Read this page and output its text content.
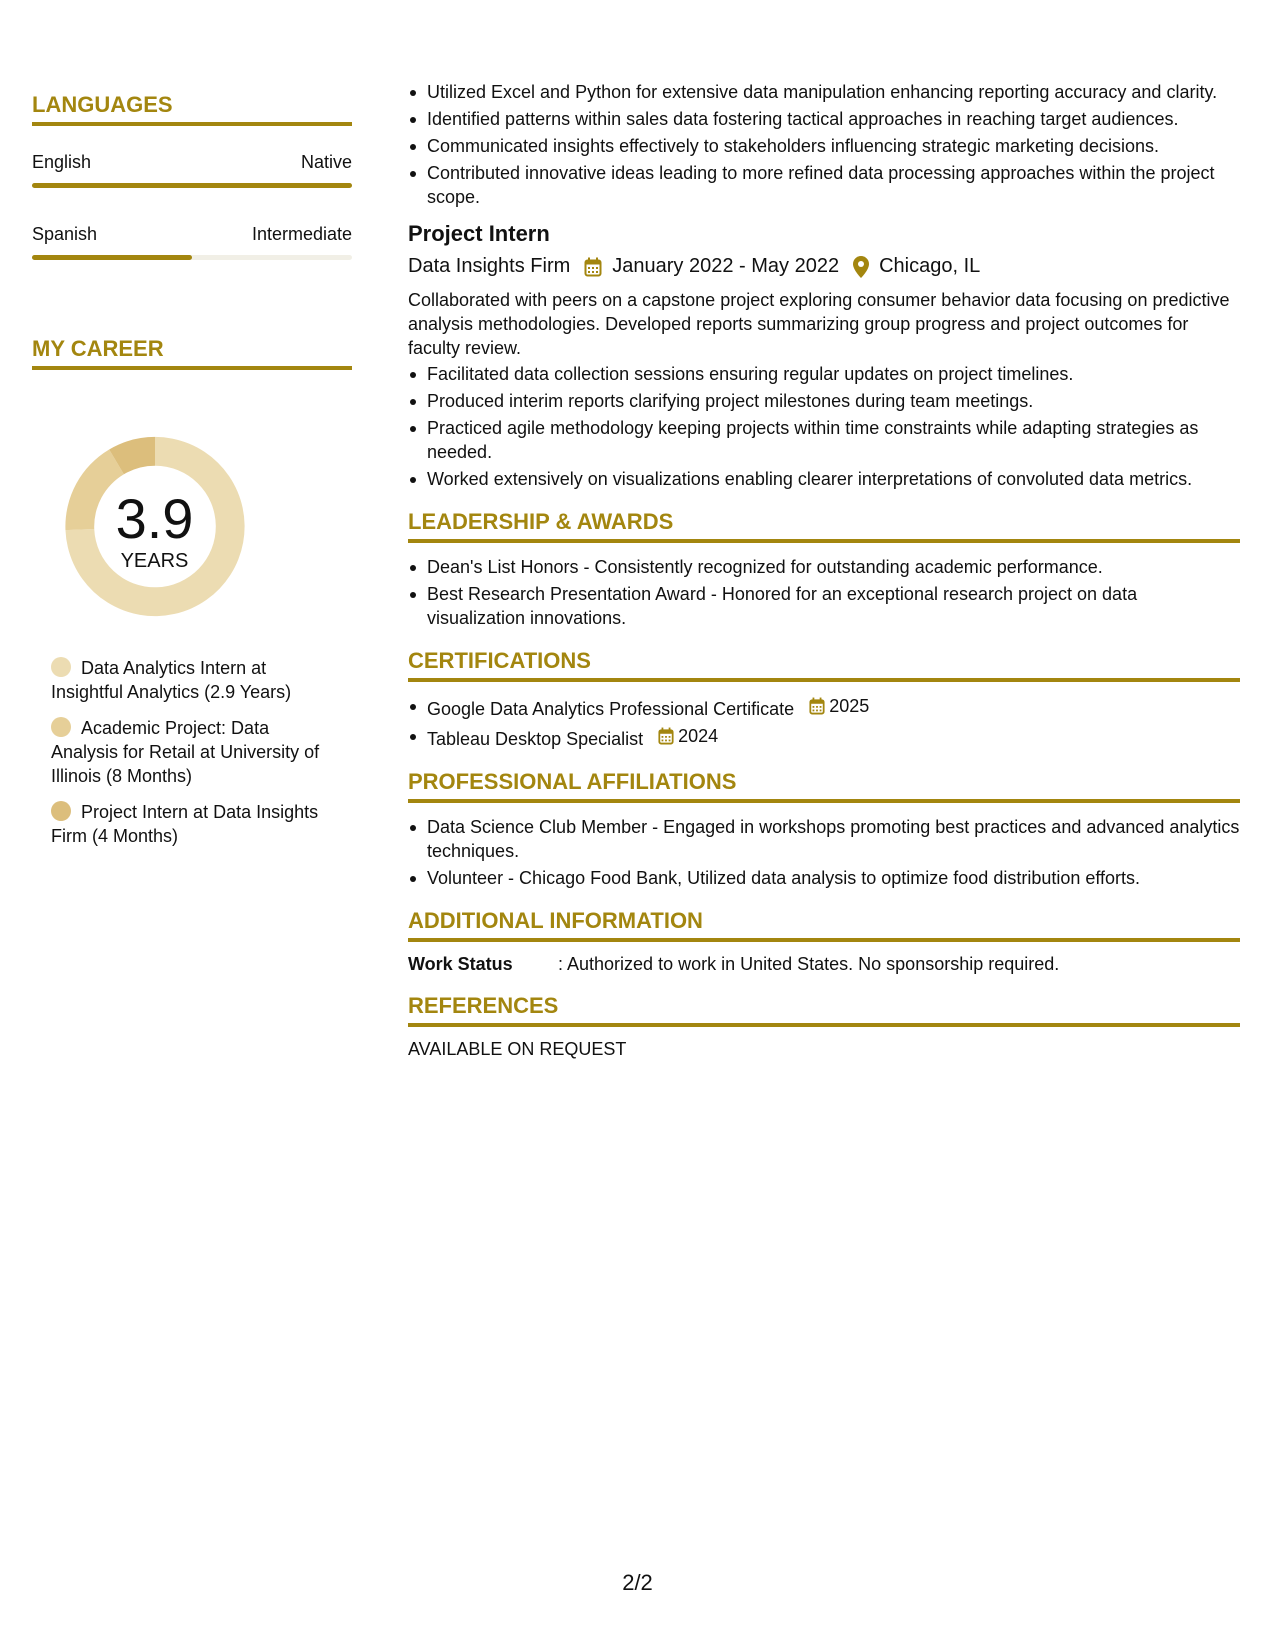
LANGUAGES
English	Native
Spanish	Intermediate
MY CAREER
3.9
YEARS
Data Analytics Intern at Insightful Analytics (2.9 Years)
Academic Project: Data Analysis for Retail at University of Illinois (8 Months)
Project Intern at Data Insights Firm (4 Months)
Utilized Excel and Python for extensive data manipulation enhancing reporting accuracy and clarity.
Identified patterns within sales data fostering tactical approaches in reaching target audiences.
Communicated insights effectively to stakeholders influencing strategic marketing decisions.
Contributed innovative ideas leading to more refined data processing approaches within the project scope.
Project Intern
Data Insights Firm January 2022 - May 2022 Chicago, IL
Collaborated with peers on a capstone project exploring consumer behavior data focusing on predictive analysis methodologies. Developed reports summarizing group progress and project outcomes for faculty review.
Facilitated data collection sessions ensuring regular updates on project timelines.
Produced interim reports clarifying project milestones during team meetings.
Practiced agile methodology keeping projects within time constraints while adapting strategies as needed.
Worked extensively on visualizations enabling clearer interpretations of convoluted data metrics.
LEADERSHIP & AWARDS
Dean's List Honors - Consistently recognized for outstanding academic performance.
Best Research Presentation Award - Honored for an exceptional research project on data visualization innovations.
CERTIFICATIONS
Google Data Analytics Professional Certificate 2025
Tableau Desktop Specialist 2024
PROFESSIONAL AFFILIATIONS
Data Science Club Member - Engaged in workshops promoting best practices and advanced analytics techniques.
Volunteer - Chicago Food Bank, Utilized data analysis to optimize food distribution efforts.
ADDITIONAL INFORMATION
Work Status	: Authorized to work in United States. No sponsorship required.
REFERENCES
AVAILABLE ON REQUEST
2/2
